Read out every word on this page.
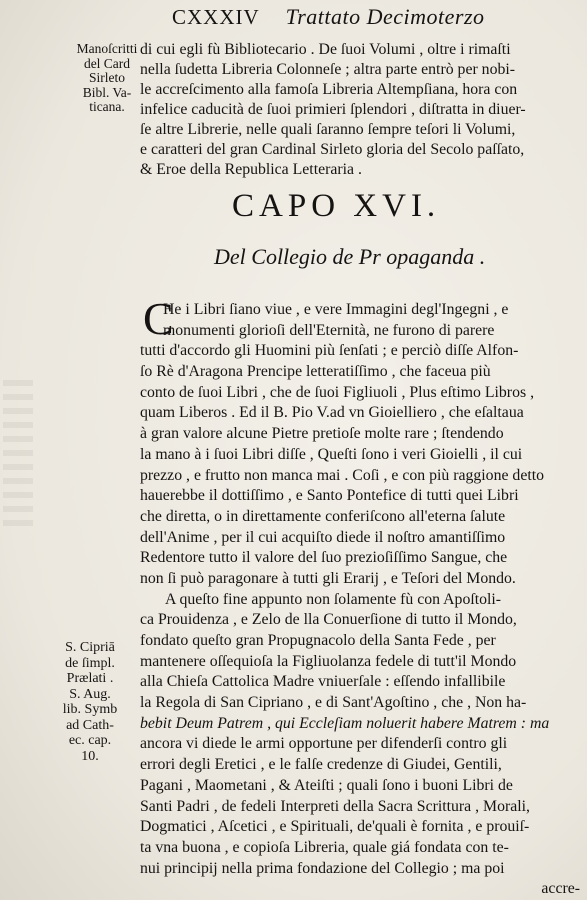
CXXXIV Trattato Decimoterzo
Manoſcritti
del Card
Sirleto
Bibl. Va-
ticana.
di cui egli fù Bibliotecario . De ſuoi Volumi , oltre i rimaſti
nella ſudetta Libreria Colonneſe ; altra parte entrò per nobi-
le accreſcimento alla famoſa Libreria Altempſiana, hora con
infelice caducità de ſuoi primieri ſplendori , diſtratta in diuer-
ſe altre Librerie, nelle quali ſaranno ſempre teſori li Volumi,
e caratteri del gran Cardinal Sirleto gloria del Secolo paſſato,
& Eroe della Republica Letteraria .
CAPO XVI.
Del Collegio de Pr opaganda .
C
He i Libri ſiano viue , e vere Immagini degl'Ingegni , e
monumenti glorioſi dell'Eternità, ne furono di parere
tutti d'accordo gli Huomini più ſenſati ; e perciò diſſe Alfon-
ſo Rè d'Aragona Prencipe letteratiſſimo , che faceua più
conto de ſuoi Libri , che de ſuoi Figliuoli , Plus eſtimo Libros ,
quam Liberos . Ed il B. Pio V.ad vn Gioielliero , che eſaltaua
à gran valore alcune Pietre pretioſe molte rare ; ſtendendo
la mano à i ſuoi Libri diſſe , Queſti ſono i veri Gioielli , il cui
prezzo , e frutto non manca mai . Coſi , e con più raggione detto
hauerebbe il dottiſſimo , e Santo Pontefice di tutti quei Libri
che diretta, o in direttamente conferiſcono all'eterna ſalute
dell'Anime , per il cui acquiſto diede il noſtro amantiſſimo
Redentore tutto il valore del ſuo prezioſiſſimo Sangue, che
non ſi può paragonare à tutti gli Erarij , e Teſori del Mondo.
A queſto fine appunto non ſolamente fù con Apoſtoli-
ca Prouidenza , e Zelo de lla Conuerſione di tutto il Mondo,
fondato queſto gran Propugnacolo della Santa Fede , per
mantenere oſſequioſa la Figliuolanza fedele di tutt'il Mondo
alla Chieſa Cattolica Madre vniuerſale : eſſendo infallibile
la Regola di San Cipriano , e di Sant'Agoſtino , che , Non ha-
bebit Deum Patrem , qui Eccleſiam noluerit habere Matrem : ma
ancora vi diede le armi opportune per difenderſi contro gli
errori degli Eretici , e le falſe credenze di Giudei, Gentili,
Pagani , Maometani , & Ateiſti ; quali ſono i buoni Libri de
Santi Padri , de fedeli Interpreti della Sacra Scrittura , Morali,
Dogmatici , Aſcetici , e Spirituali, de'quali è fornita , e prouiſ-
ta vna buona , e copioſa Libreria, quale giá fondata con te-
nui principij nella prima fondazione del Collegio ; ma poi
accre-
S. Cipriā
de ſimpl.
Prælati .
S. Aug.
lib. Symb
ad Cath-
ec. cap.
10.
